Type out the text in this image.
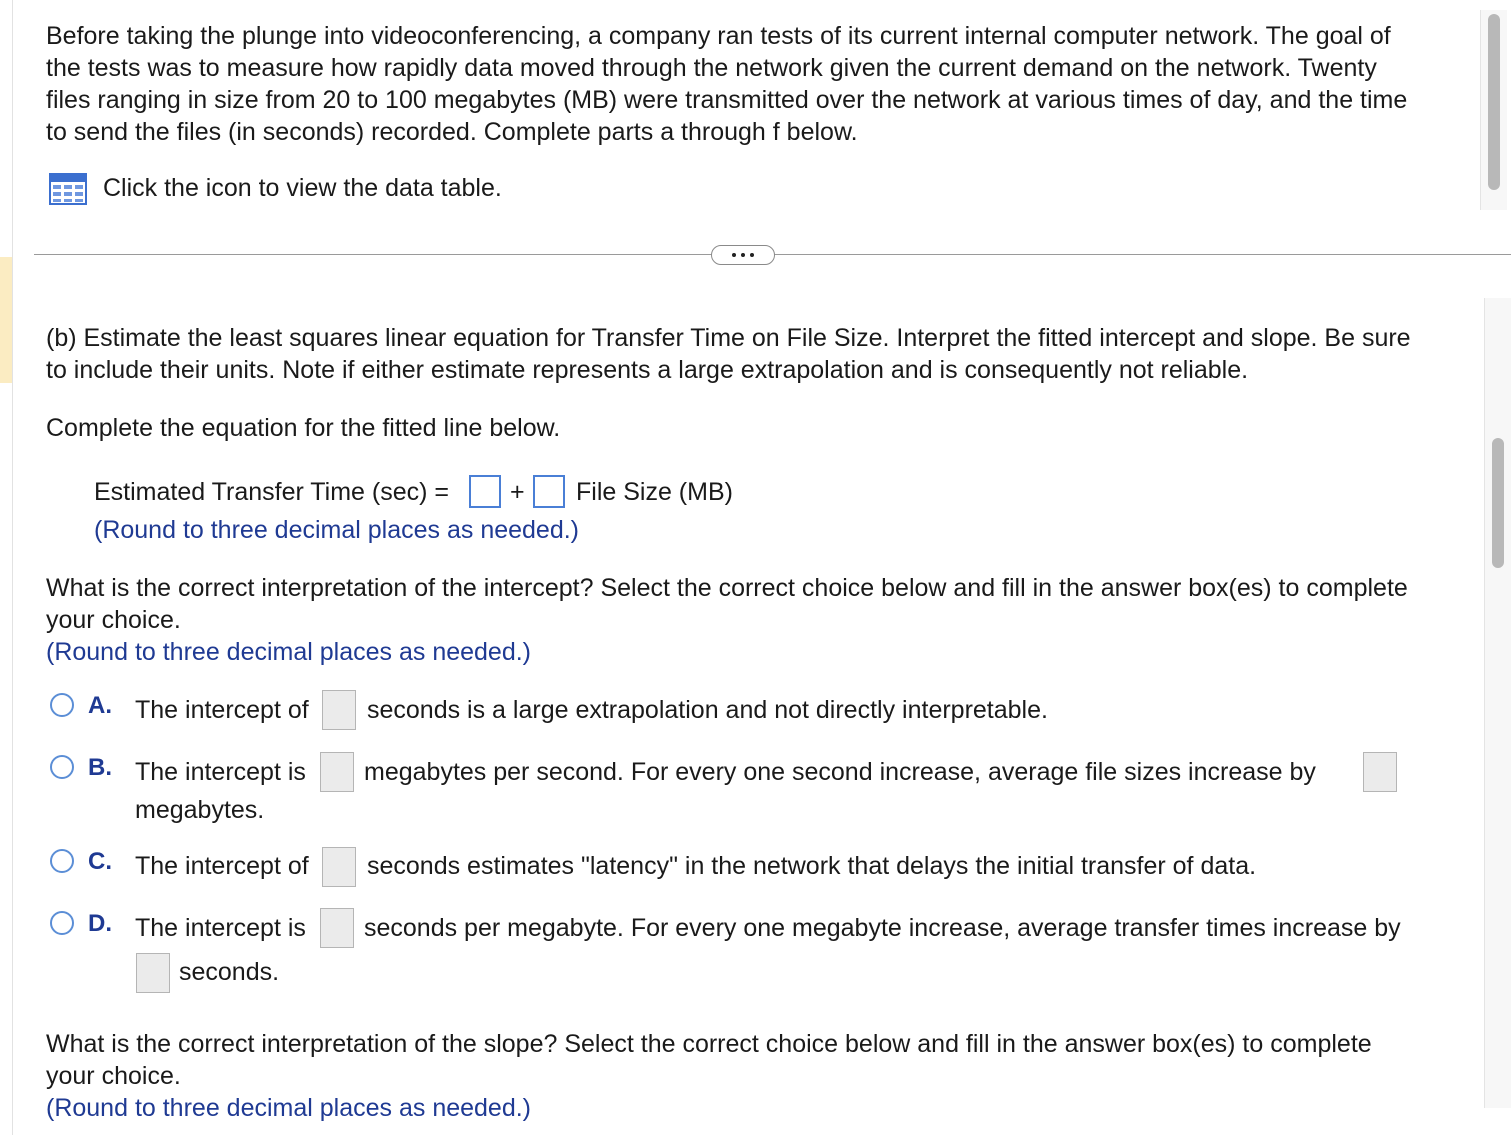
Before taking the plunge into videoconferencing, a company ran tests of its current internal computer network. The goal of
the tests was to measure how rapidly data moved through the network given the current demand on the network. Twenty
files ranging in size from 20 to 100 megabytes (MB) were transmitted over the network at various times of day, and the time
to send the files (in seconds) recorded. Complete parts a through f below.
Click the icon to view the data table.
(b) Estimate the least squares linear equation for Transfer Time on File Size. Interpret the fitted intercept and slope. Be sure
to include their units. Note if either estimate represents a large extrapolation and is consequently not reliable.
Complete the equation for the fitted line below.
Estimated Transfer Time (sec) = + File Size (MB)
(Round to three decimal places as needed.)
What is the correct interpretation of the intercept? Select the correct choice below and fill in the answer box(es) to complete
your choice.
(Round to three decimal places as needed.)
A. The intercept of seconds is a large extrapolation and not directly interpretable.
B. The intercept is megabytes per second. For every one second increase, average file sizes increase by
megabytes.
C. The intercept of seconds estimates "latency" in the network that delays the initial transfer of data.
D. The intercept is seconds per megabyte. For every one megabyte increase, average transfer times increase by
seconds.
What is the correct interpretation of the slope? Select the correct choice below and fill in the answer box(es) to complete
your choice.
(Round to three decimal places as needed.)
